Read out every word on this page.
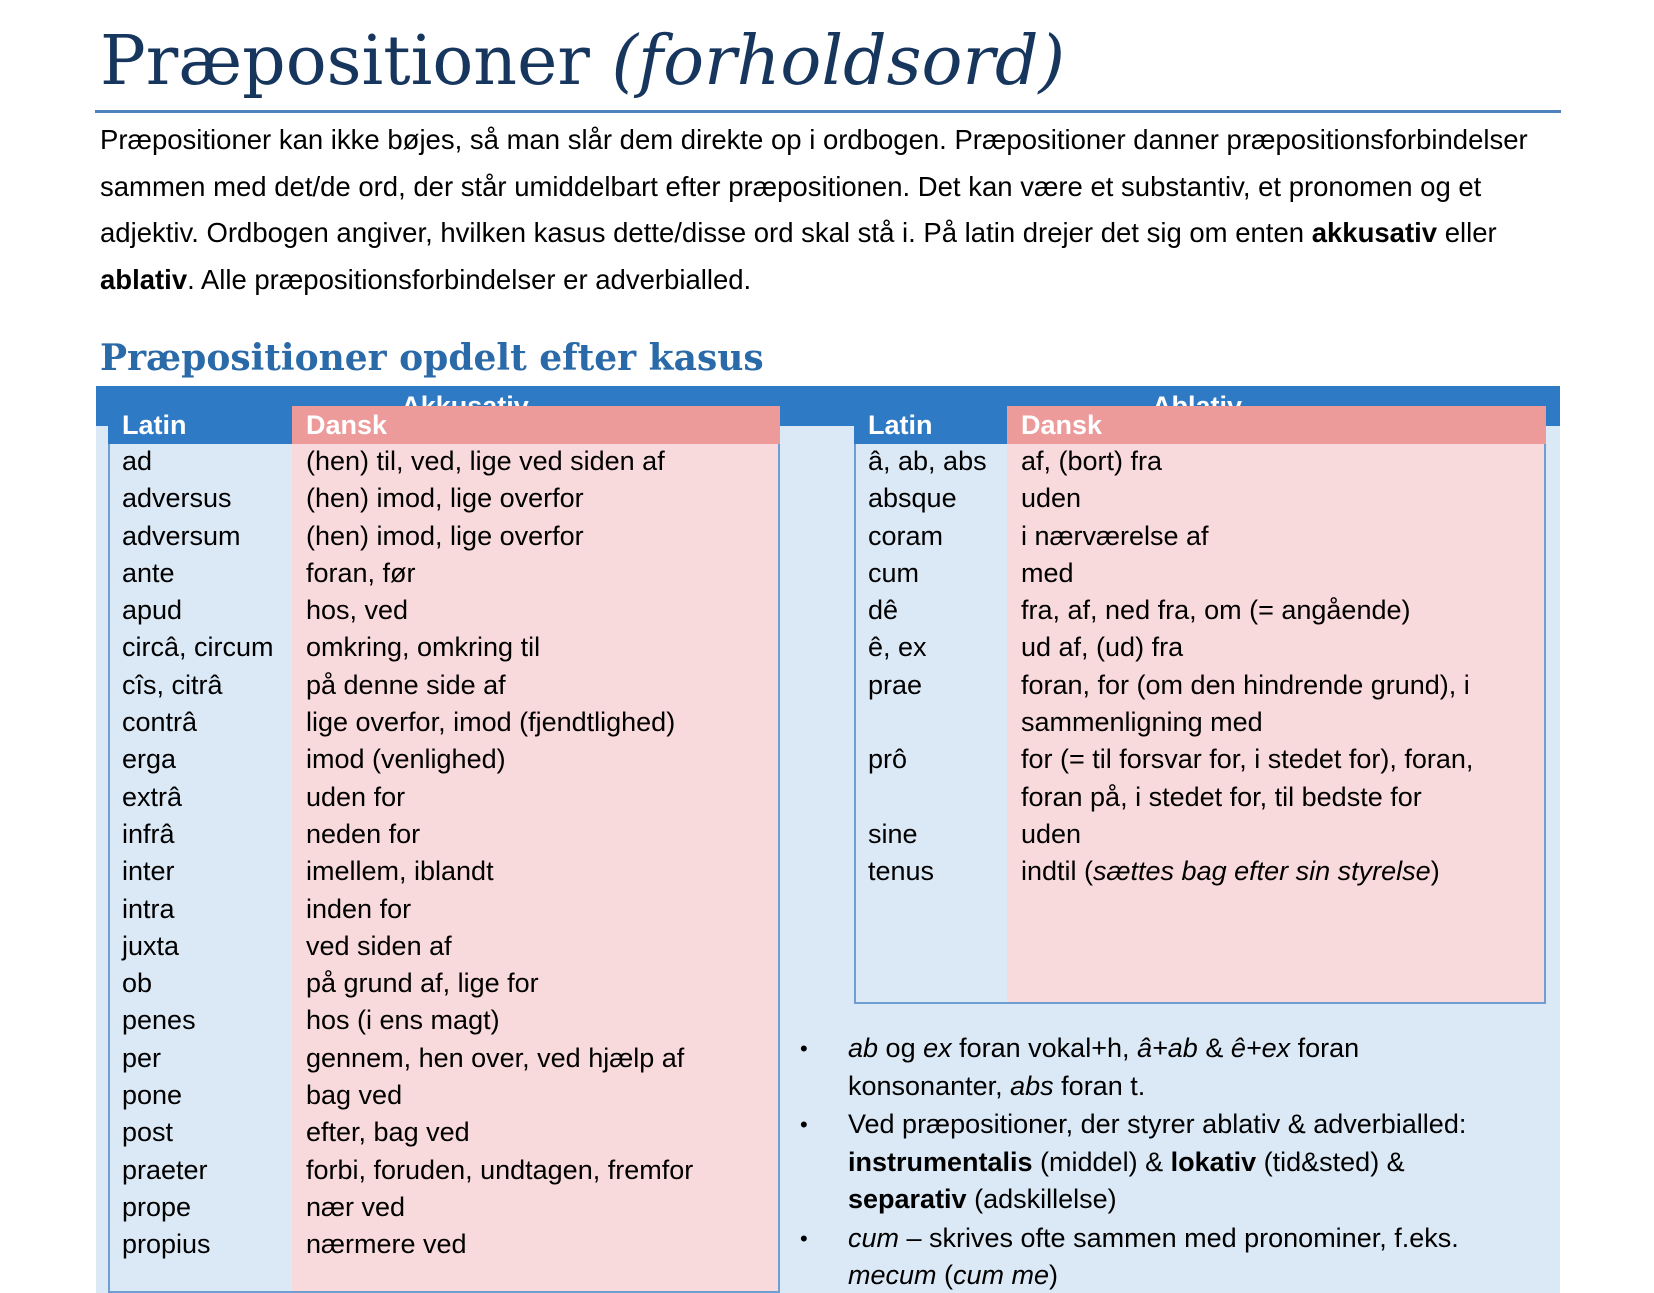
Præpositioner (forholdsord)

Præpositioner kan ikke bøjes, så man slår dem direkte op i ordbogen. Præpositioner danner præpositionsforbindelser sammen med det/de ord, der står umiddelbart efter præpositionen. Det kan være et substantiv, et pronomen og et adjektiv. Ordbogen angiver, hvilken kasus dette/disse ord skal stå i. På latin drejer det sig om enten akkusativ eller ablativ. Alle præpositionsforbindelser er adverbialled.

Præpositioner opdelt efter kasus
Latin	Dansk
ad
adversus
adversum
ante
apud
circâ, circum
cîs, citrâ
contrâ
erga
extrâ
infrâ
inter
intra
juxta
ob
penes
per
pone
post
praeter
prope
propius
(hen) til, ved, lige ved siden af
(hen) imod, lige overfor
(hen) imod, lige overfor
foran, før
hos, ved
omkring, omkring til
på denne side af
lige overfor, imod (fjendtlighed)
imod (venlighed)
uden for
neden for
imellem, iblandt
inden for
ved siden af
på grund af, lige for
hos (i ens magt)
gennem, hen over, ved hjælp af
bag ved
efter, bag ved
forbi, foruden, undtagen, fremfor
nær ved
nærmere ved
Latin	Dansk
â, ab, abs
absque
coram
cum
dê
ê, ex
prae
prô
sine
tenus
af, (bort) fra
uden
i nærværelse af
med
fra, af, ned fra, om (= angående)
ud af, (ud) fra
foran, for (om den hindrende grund), i
sammenligning med
for (= til forsvar for, i stedet for), foran,
foran på, i stedet for, til bedste for
uden
indtil (sættes bag efter sin styrelse)
• ab og ex foran vokal+h, â+ab & ê+ex foran konsonanter, abs foran t.
• Ved præpositioner, der styrer ablativ & adverbialled: instrumentalis (middel) & lokativ (tid&sted) & separativ (adskillelse)
• cum – skrives ofte sammen med pronominer, f.eks. mecum (cum me)
